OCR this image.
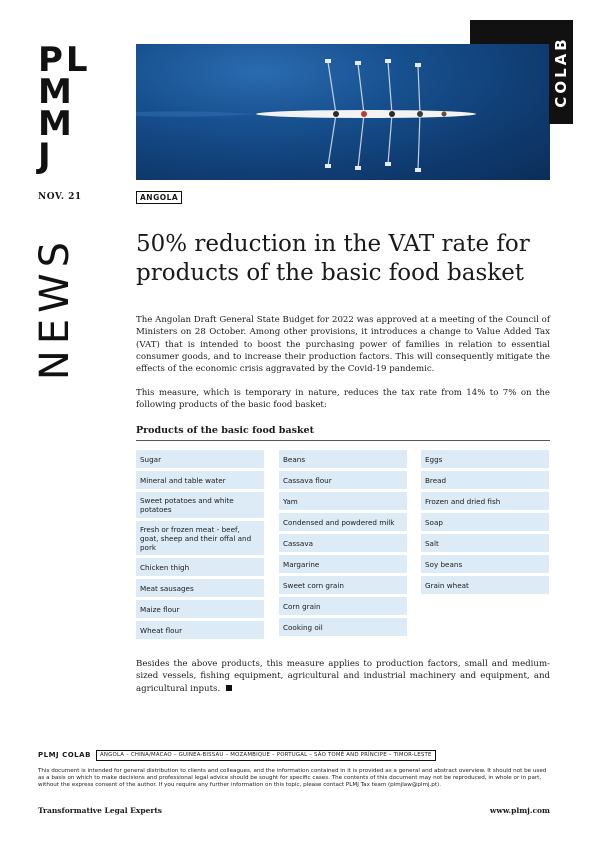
PL M
M J
COLAB
NOV. 21	ANGOLA
NEWS	50% reduction in the VAT rate for products of the basic food basket

The Angolan Draft General State Budget for 2022 was approved at a meeting of the Council of Ministers on 28 October. Among other provisions, it introduces a change to Value Added Tax (VAT) that is intended to boost the purchasing power of families in relation to essential consumer goods, and to increase their production factors. This will consequently mitigate the effects of the economic crisis aggravated by the Covid-19 pandemic.

This measure, which is temporary in nature, reduces the tax rate from 14% to 7% on the following products of the basic food basket:

Products of the basic food basket
Sugar
Mineral and table water
Sweet potatoes and white potatoes
Fresh or frozen meat - beef, goat, sheep and their offal and pork
Chicken thigh
Meat sausages
Maize flour
Wheat flour
Beans
Cassava flour
Yam
Condensed and powdered milk
Cassava
Margarine
Sweet corn grain
Corn grain
Cooking oil
Eggs
Bread
Frozen and dried fish
Soap
Salt
Soy beans
Grain wheat

Besides the above products, this measure applies to production factors, small and medium-sized vessels, fishing equipment, agricultural and industrial machinery and equipment, and agricultural inputs.

PLMJ COLAB	ANGOLA – CHINA/MACAO – GUINEA-BISSAU – MOZAMBIQUE – PORTUGAL – SÃO TOMÉ AND PRÍNCIPE – TIMOR-LESTE

This document is intended for general distribution to clients and colleagues, and the information contained in it is provided as a general and abstract overview. It should not be used as a basis on which to make decisions and professional legal advice should be sought for specific cases. The contents of this document may not be reproduced, in whole or in part, without the express consent of the author. If you require any further information on this topic, please contact PLMJ Tax team (plmjlaw@plmj.pt).

Transformative Legal Experts	www.plmj.com
